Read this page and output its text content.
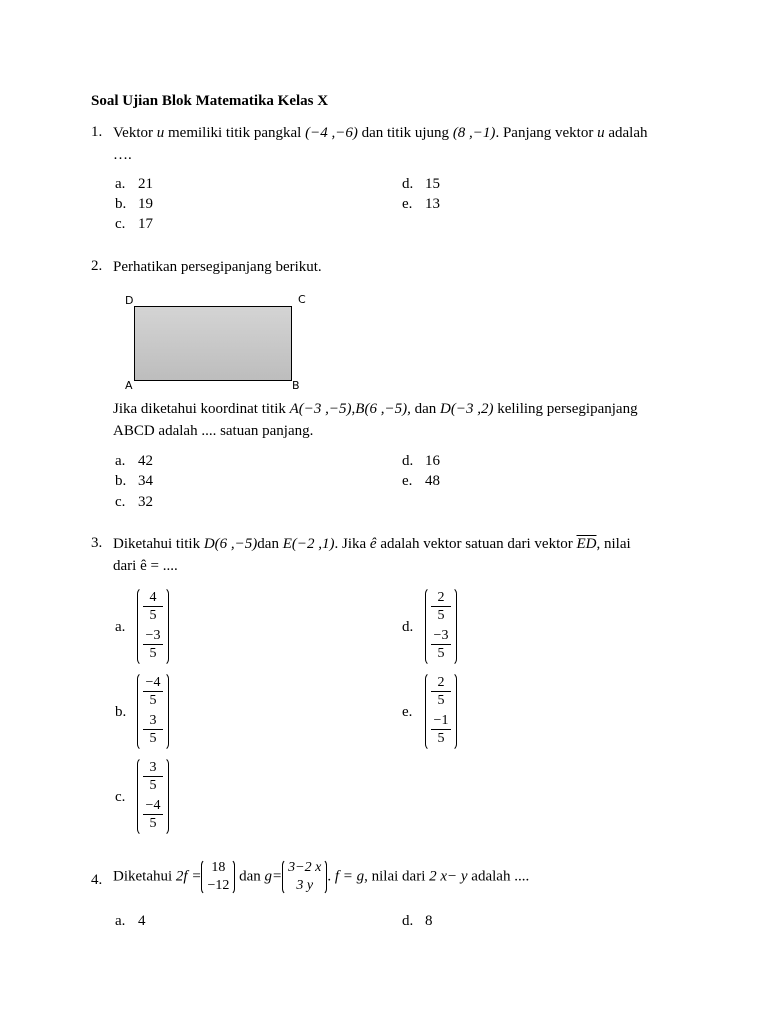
Soal Ujian Blok Matematika Kelas X
1. Vektor u memiliki titik pangkal (−4 ,−6) dan titik ujung (8 ,−1). Panjang vektor u adalah
….
a. 21
b. 19
c. 17
d. 15
e. 13
2. Perhatikan persegipanjang berikut.
D	C
A	B
Jika diketahui koordinat titik A(−3 ,−5),B(6 ,−5), dan D(−3 ,2) keliling persegipanjang
ABCD adalah .... satuan panjang.
a. 42
b. 34
c. 32
d. 16
e. 48
3. Diketahui titik D(6 ,−5)dan E(−2 ,1). Jika ê adalah vektor satuan dari vektor $\overline{ED}$, nilai
dari ê = ....
a.
$\frac{4}{5}$
$\frac{-3}{5}$
b.
$\frac{-4}{5}$
$\frac{3}{5}$
c.
$\frac{3}{5}$
$\frac{-4}{5}$
d.
$\frac{2}{5}$
$\frac{-3}{5}$
e.
$\frac{2}{5}$
$\frac{-1}{5}$
4. Diketahui 2f =
18
−12
dan g=
3−2 x
3 y
. f = g, nilai dari 2 x− y adalah ....
a. 4	d. 8
